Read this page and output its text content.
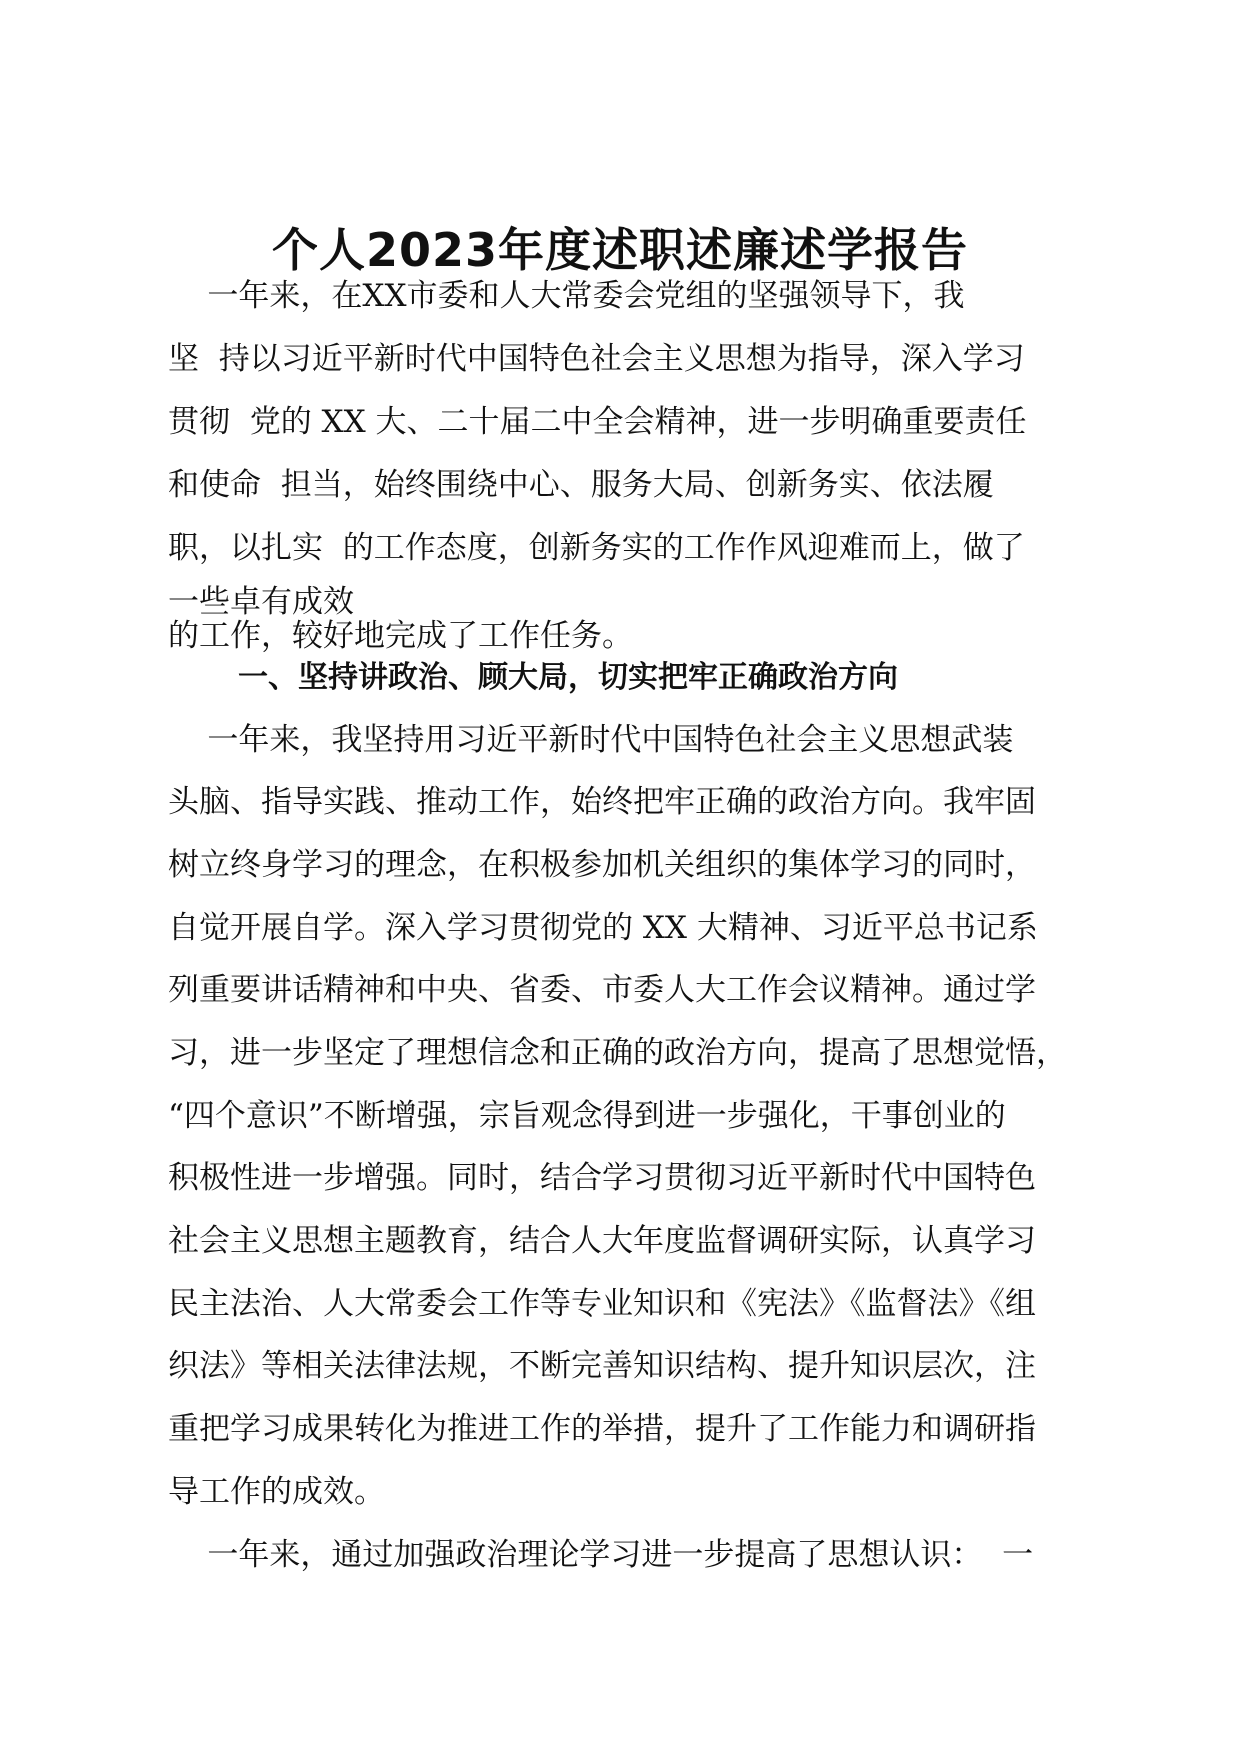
个人2023年度述职述廉述学报告
一年来，在XX市委和人大常委会党组的坚强领导下，我
坚  持以习近平新时代中国特色社会主义思想为指导，深入学习
贯彻  党的 XX 大、二十届二中全会精神，进一步明确重要责任
和使命  担当，始终围绕中心、服务大局、创新务实、依法履
职，以扎实  的工作态度，创新务实的工作作风迎难而上，做了
一些卓有成效
的工作，较好地完成了工作任务。
一、坚持讲政治、顾大局，切实把牢正确政治方向
一年来，我坚持用习近平新时代中国特色社会主义思想武装
头脑、指导实践、推动工作，始终把牢正确的政治方向。我牢固
树立终身学习的理念，在积极参加机关组织的集体学习的同时，
自觉开展自学。深入学习贯彻党的 XX 大精神、习近平总书记系
列重要讲话精神和中央、省委、市委人大工作会议精神。通过学
习，进一步坚定了理想信念和正确的政治方向，提高了思想觉悟，
“四个意识”不断增强，宗旨观念得到进一步强化，干事创业的
积极性进一步增强。同时，结合学习贯彻习近平新时代中国特色
社会主义思想主题教育，结合人大年度监督调研实际，认真学习
民主法治、人大常委会工作等专业知识和《宪法》《监督法》《组
织法》等相关法律法规，不断完善知识结构、提升知识层次，注
重把学习成果转化为推进工作的举措，提升了工作能力和调研指
导工作的成效。
一年来，通过加强政治理论学习进一步提高了思想认识：  一
